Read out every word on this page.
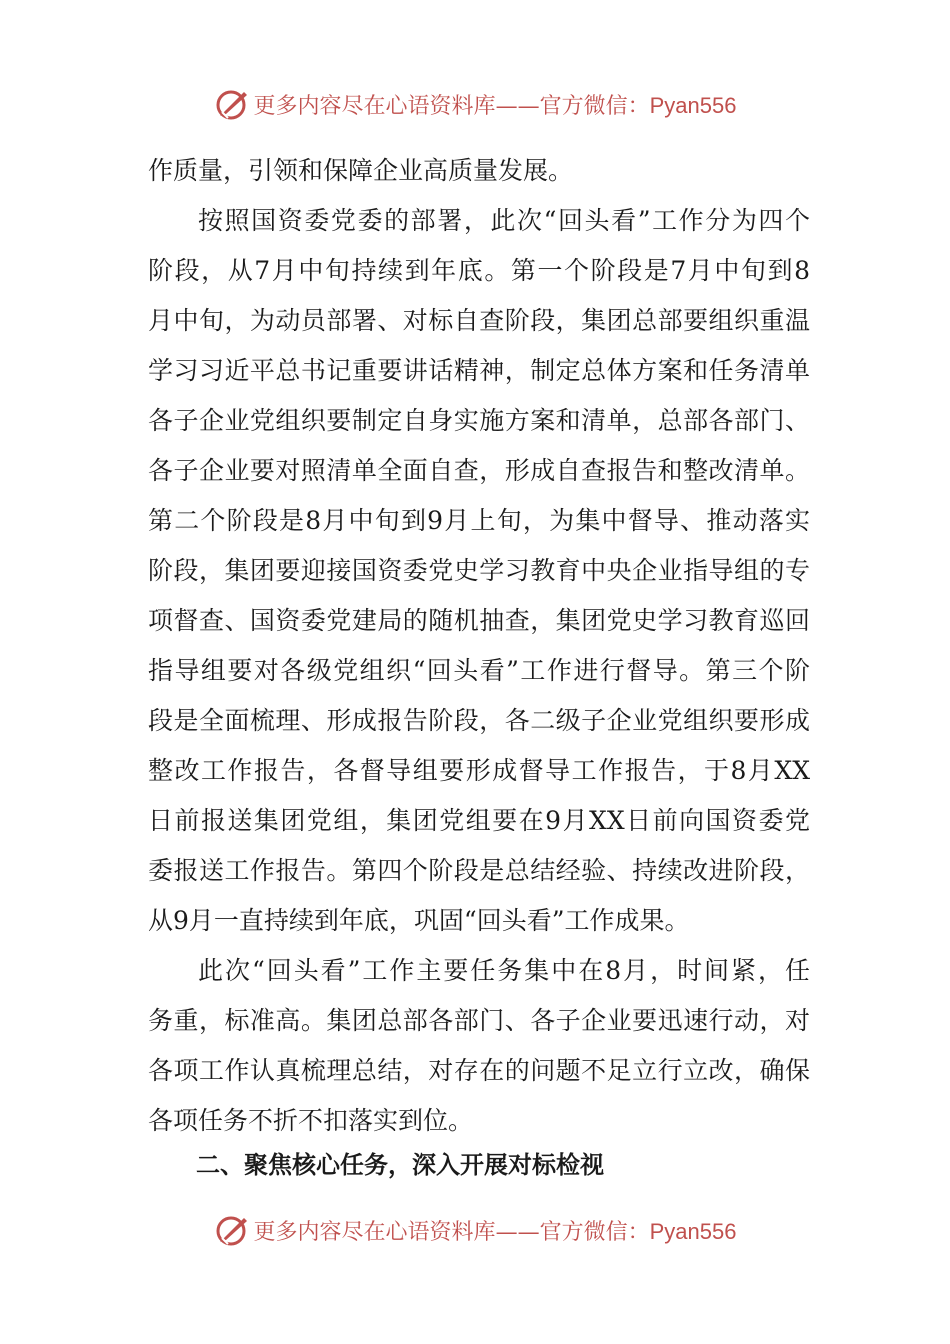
更多内容尽在心语资料库——官方微信：Pyan556
作质量，引领和保障企业高质量发展。
按照国资委党委的部署，此次“回头看”工作分为四个
阶段，从7月中旬持续到年底。第一个阶段是7月中旬到8
月中旬，为动员部署、对标自查阶段，集团总部要组织重温
学习习近平总书记重要讲话精神，制定总体方案和任务清单
各子企业党组织要制定自身实施方案和清单，总部各部门、
各子企业要对照清单全面自查，形成自查报告和整改清单。
第二个阶段是8月中旬到9月上旬，为集中督导、推动落实
阶段，集团要迎接国资委党史学习教育中央企业指导组的专
项督查、国资委党建局的随机抽查，集团党史学习教育巡回
指导组要对各级党组织“回头看”工作进行督导。第三个阶
段是全面梳理、形成报告阶段，各二级子企业党组织要形成
整改工作报告，各督导组要形成督导工作报告，于8月XX
日前报送集团党组，集团党组要在9月XX日前向国资委党
委报送工作报告。第四个阶段是总结经验、持续改进阶段，
从9月一直持续到年底，巩固“回头看”工作成果。
此次“回头看”工作主要任务集中在8月，时间紧，任
务重，标准高。集团总部各部门、各子企业要迅速行动，对
各项工作认真梳理总结，对存在的问题不足立行立改，确保
各项任务不折不扣落实到位。
二、聚焦核心任务，深入开展对标检视
更多内容尽在心语资料库——官方微信：Pyan556
